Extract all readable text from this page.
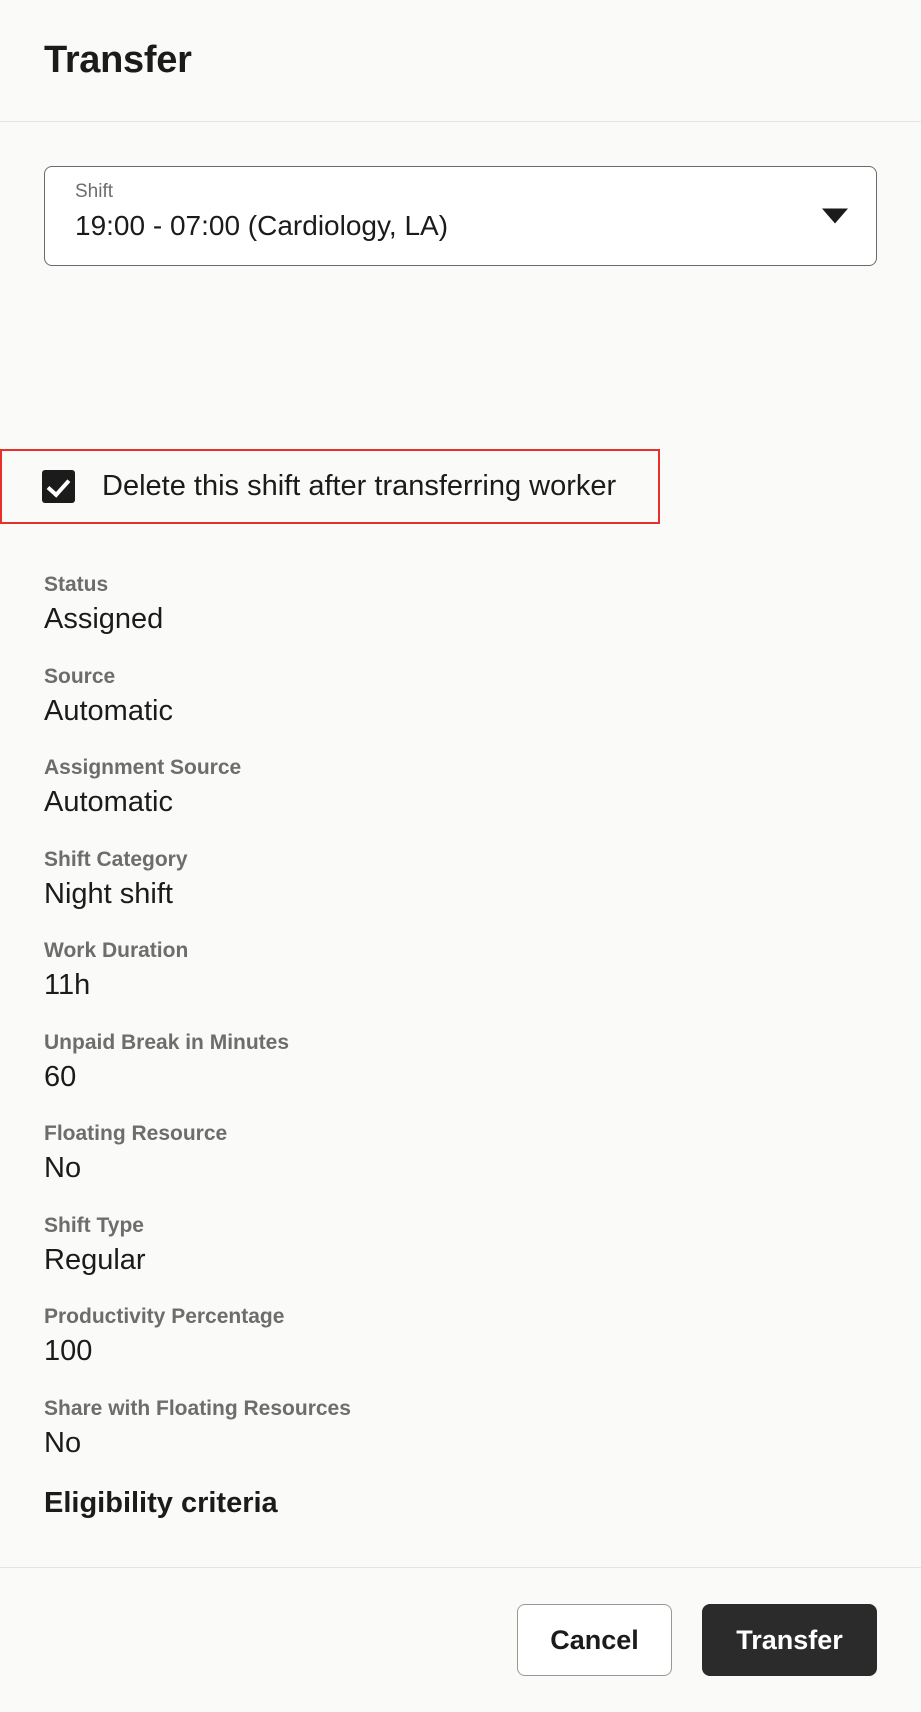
Transfer
Shift
19:00 - 07:00 (Cardiology, LA)
Delete this shift after transferring worker
Status
Assigned
Source
Automatic
Assignment Source
Automatic
Shift Category
Night shift
Work Duration
11h
Unpaid Break in Minutes
60
Floating Resource
No
Shift Type
Regular
Productivity Percentage
100
Share with Floating Resources
No
Eligibility criteria
Cancel	Transfer
